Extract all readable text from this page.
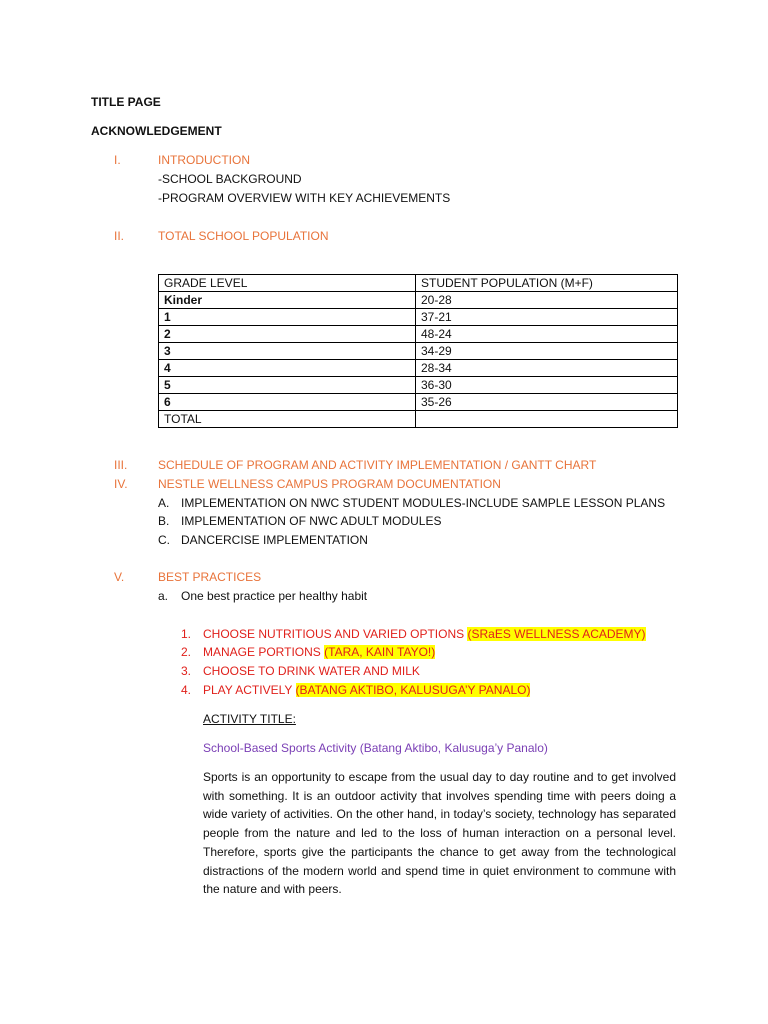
TITLE PAGE
ACKNOWLEDGEMENT
I.	INTRODUCTION
-SCHOOL BACKGROUND
-PROGRAM OVERVIEW WITH KEY ACHIEVEMENTS
II.	TOTAL SCHOOL POPULATION
GRADE LEVEL	STUDENT POPULATION (M+F)
Kinder	20-28
1	37-21
2	48-24
3	34-29
4	28-34
5	36-30
6	35-26
TOTAL	
III.	SCHEDULE OF PROGRAM AND ACTIVITY IMPLEMENTATION / GANTT CHART
IV.	NESTLE WELLNESS CAMPUS PROGRAM DOCUMENTATION
A. IMPLEMENTATION ON NWC STUDENT MODULES-INCLUDE SAMPLE LESSON PLANS
B. IMPLEMENTATION OF NWC ADULT MODULES
C. DANCERCISE IMPLEMENTATION
V.	BEST PRACTICES
a. One best practice per healthy habit
1. CHOOSE NUTRITIOUS AND VARIED OPTIONS (SRaES WELLNESS ACADEMY)
2. MANAGE PORTIONS (TARA, KAIN TAYO!)
3. CHOOSE TO DRINK WATER AND MILK
4. PLAY ACTIVELY (BATANG AKTIBO, KALUSUGA’Y PANALO)
ACTIVITY TITLE:
School-Based Sports Activity (Batang Aktibo, Kalusuga’y Panalo)
Sports is an opportunity to escape from the usual day to day routine and to get involved with something. It is an outdoor activity that involves spending time with peers doing a wide variety of activities. On the other hand, in today’s society, technology has separated people from the nature and led to the loss of human interaction on a personal level. Therefore, sports give the participants the chance to get away from the technological distractions of the modern world and spend time in quiet environment to commune with the nature and with peers.
